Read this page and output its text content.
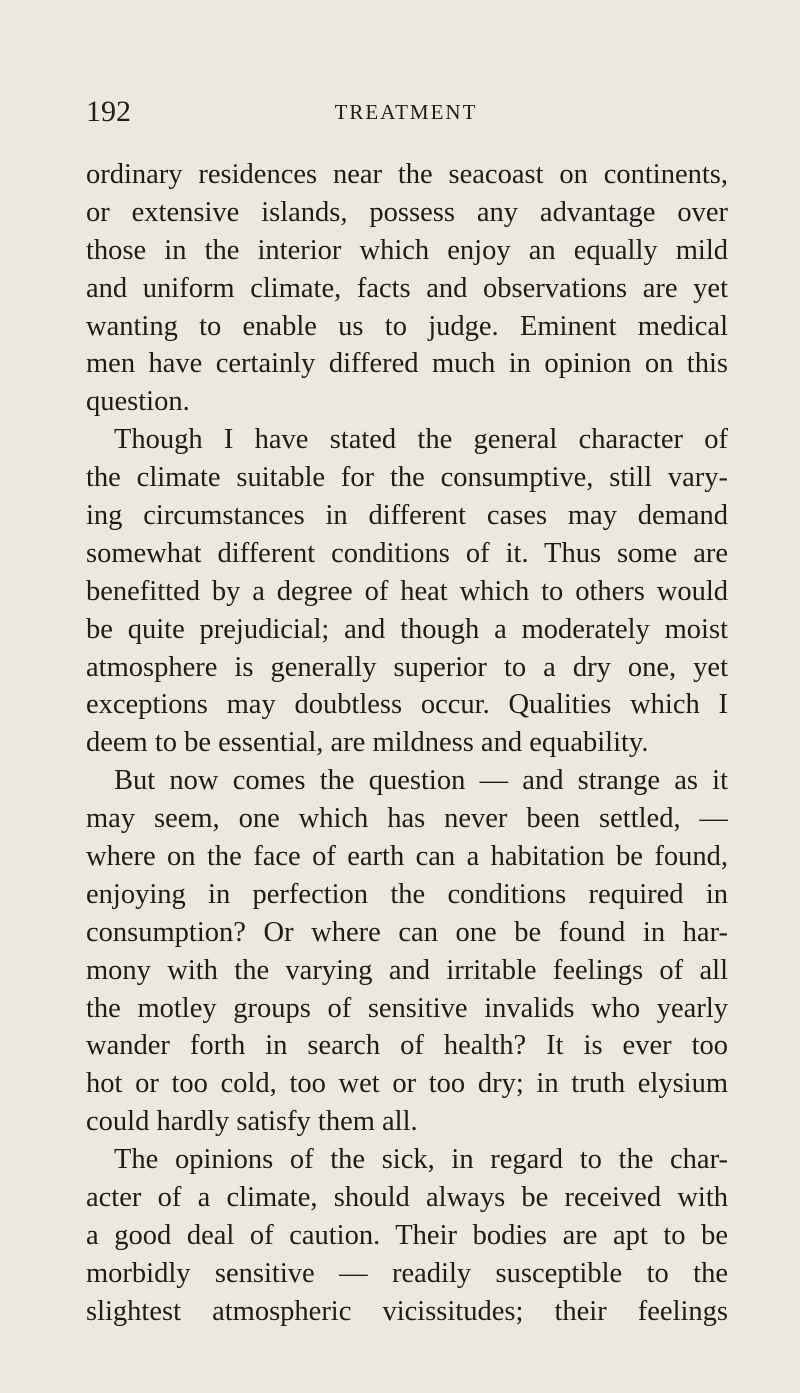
192	TREATMENT
ordinary residences near the seacoast on continents,
or extensive islands, possess any advantage over
those in the interior which enjoy an equally mild
and uniform climate, facts and observations are yet
wanting to enable us to judge. Eminent medical
men have certainly differed much in opinion on this
question.
Though I have stated the general character of
the climate suitable for the consumptive, still vary-
ing circumstances in different cases may demand
somewhat different conditions of it. Thus some are
benefitted by a degree of heat which to others would
be quite prejudicial; and though a moderately moist
atmosphere is generally superior to a dry one, yet
exceptions may doubtless occur. Qualities which I
deem to be essential, are mildness and equability.
But now comes the question — and strange as it
may seem, one which has never been settled, —
where on the face of earth can a habitation be found,
enjoying in perfection the conditions required in
consumption? Or where can one be found in har-
mony with the varying and irritable feelings of all
the motley groups of sensitive invalids who yearly
wander forth in search of health? It is ever too
hot or too cold, too wet or too dry; in truth elysium
could hardly satisfy them all.
The opinions of the sick, in regard to the char-
acter of a climate, should always be received with
a good deal of caution. Their bodies are apt to be
morbidly sensitive — readily susceptible to the
slightest atmospheric vicissitudes; their feelings
